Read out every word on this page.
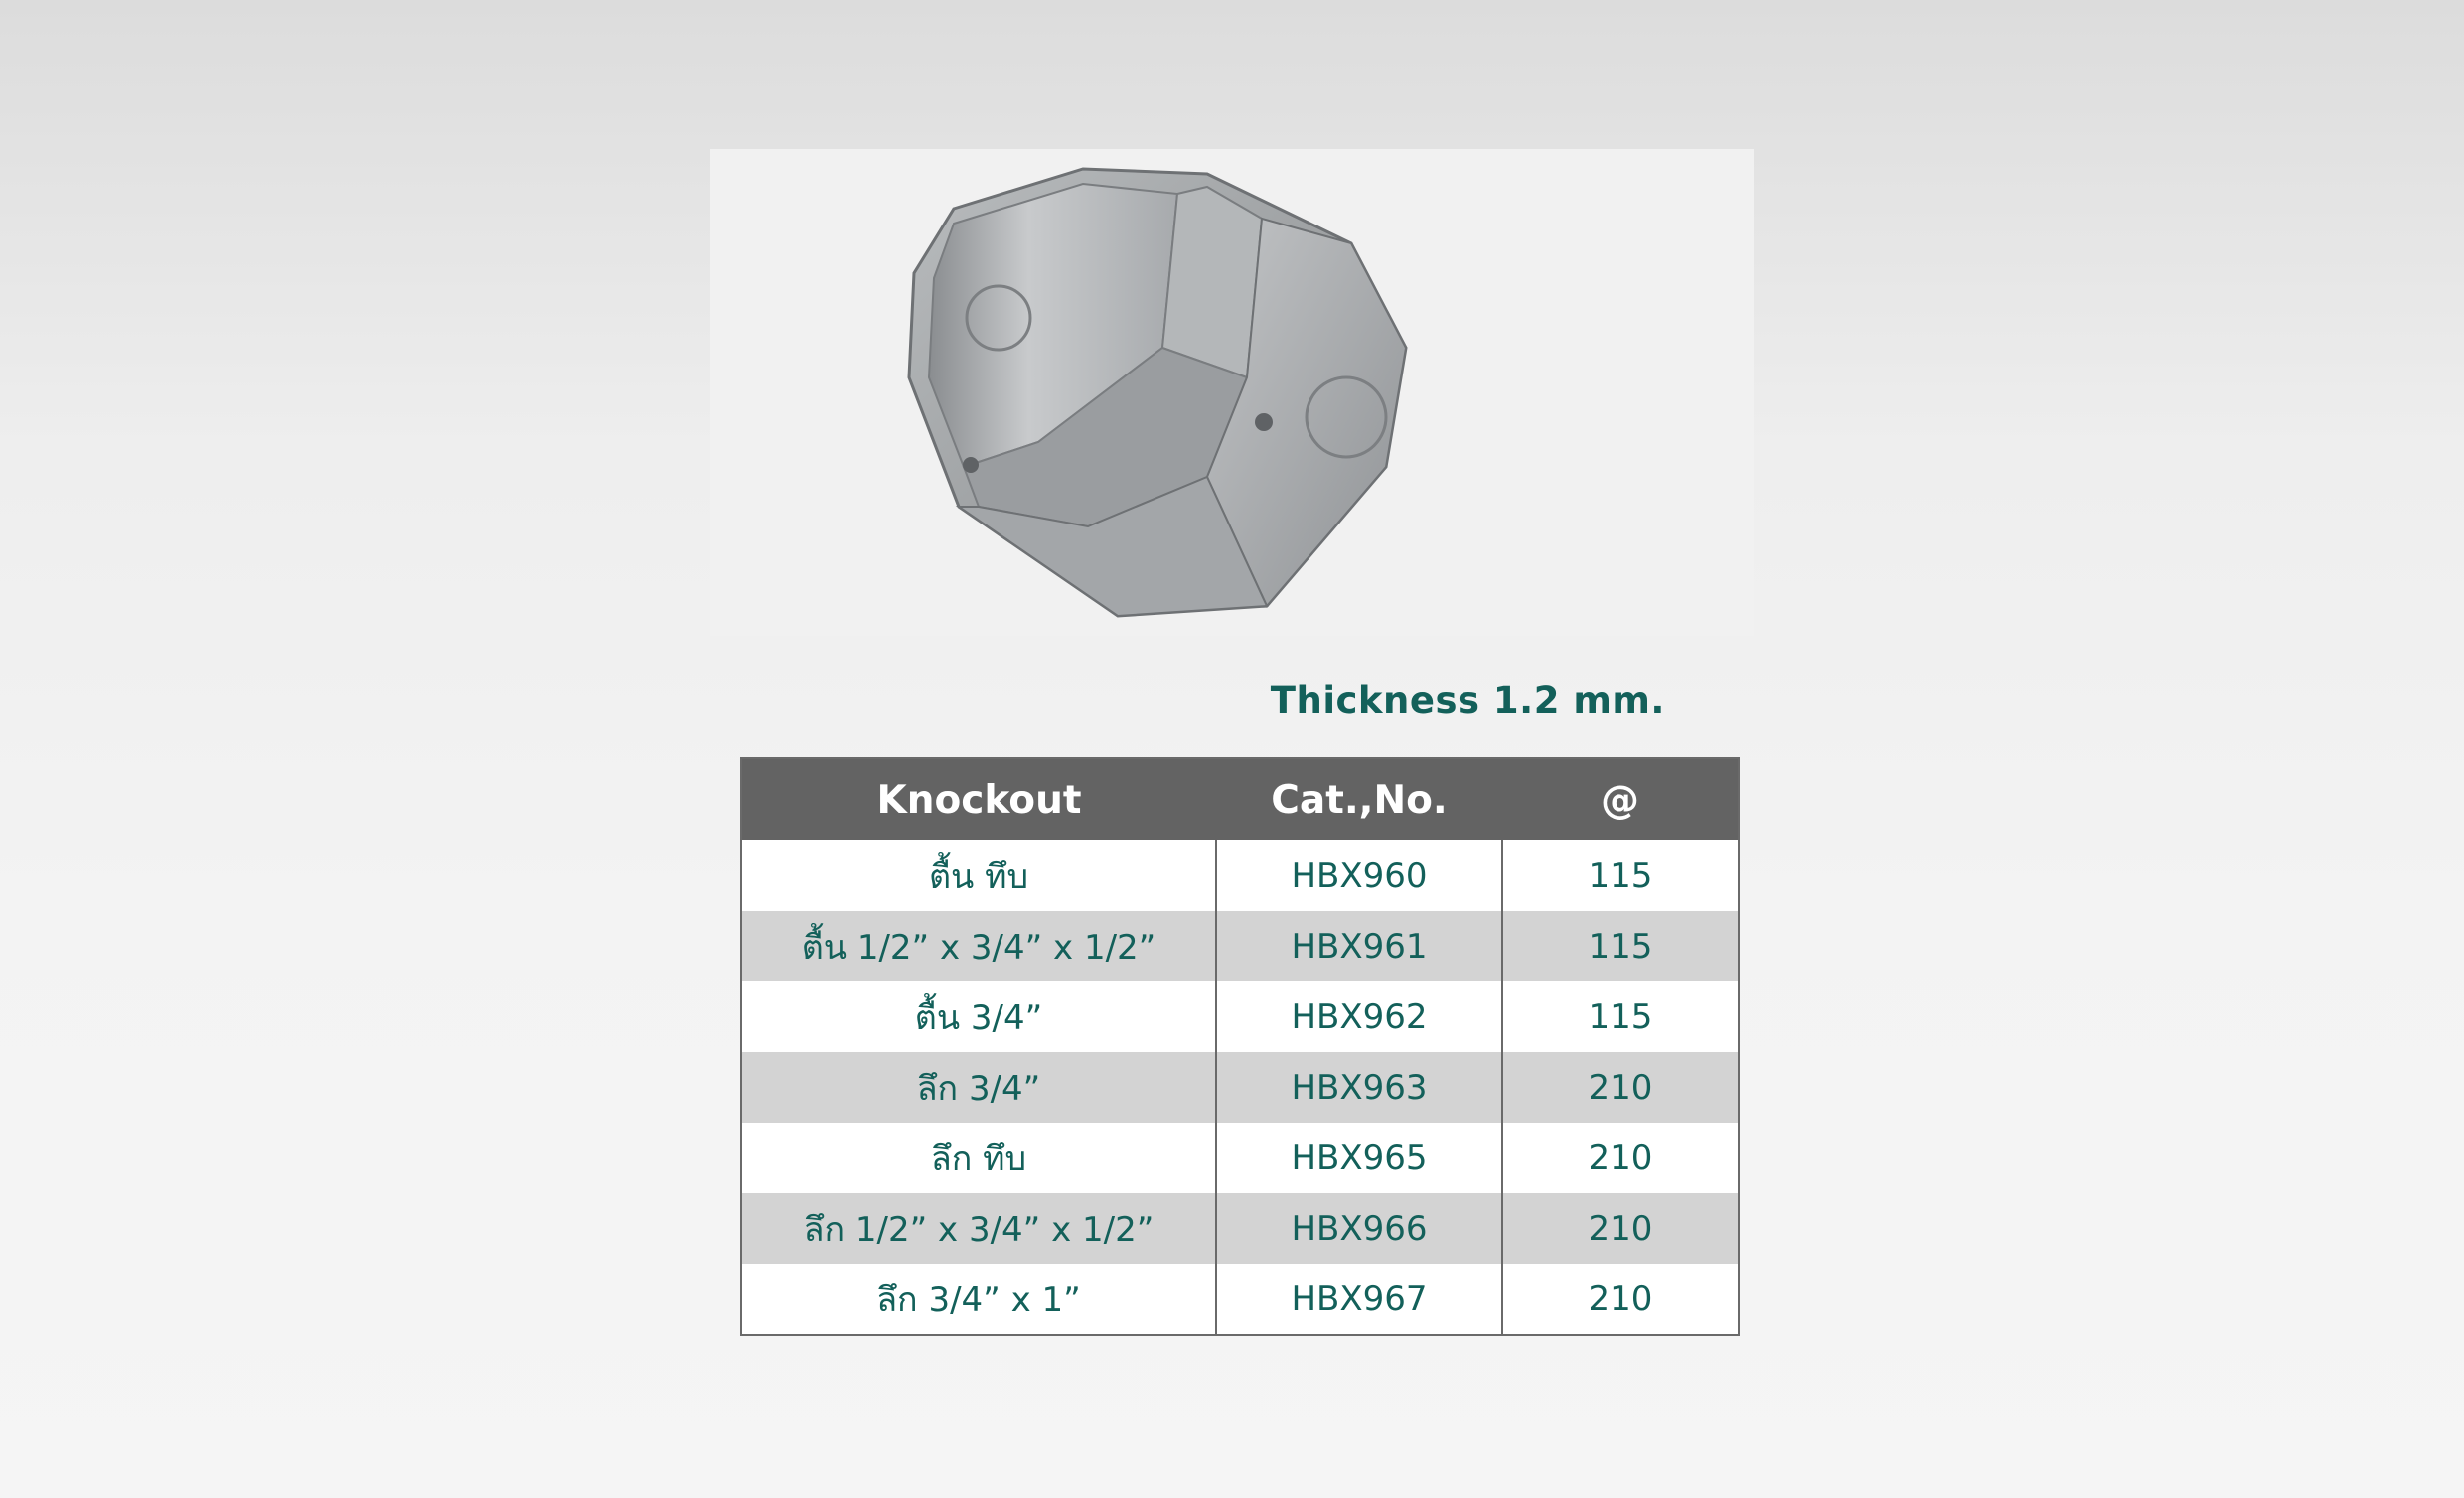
Thickness 1.2 mm.
Knockout	Cat.,No.	@
ตื้น ทึบ	HBX960	115
ตื้น 1/2” x 3/4” x 1/2”	HBX961	115
ตื้น 3/4”	HBX962	115
ลึก 3/4”	HBX963	210
ลึก ทึบ	HBX965	210
ลึก 1/2” x 3/4” x 1/2”	HBX966	210
ลึก 3/4” x 1”	HBX967	210
